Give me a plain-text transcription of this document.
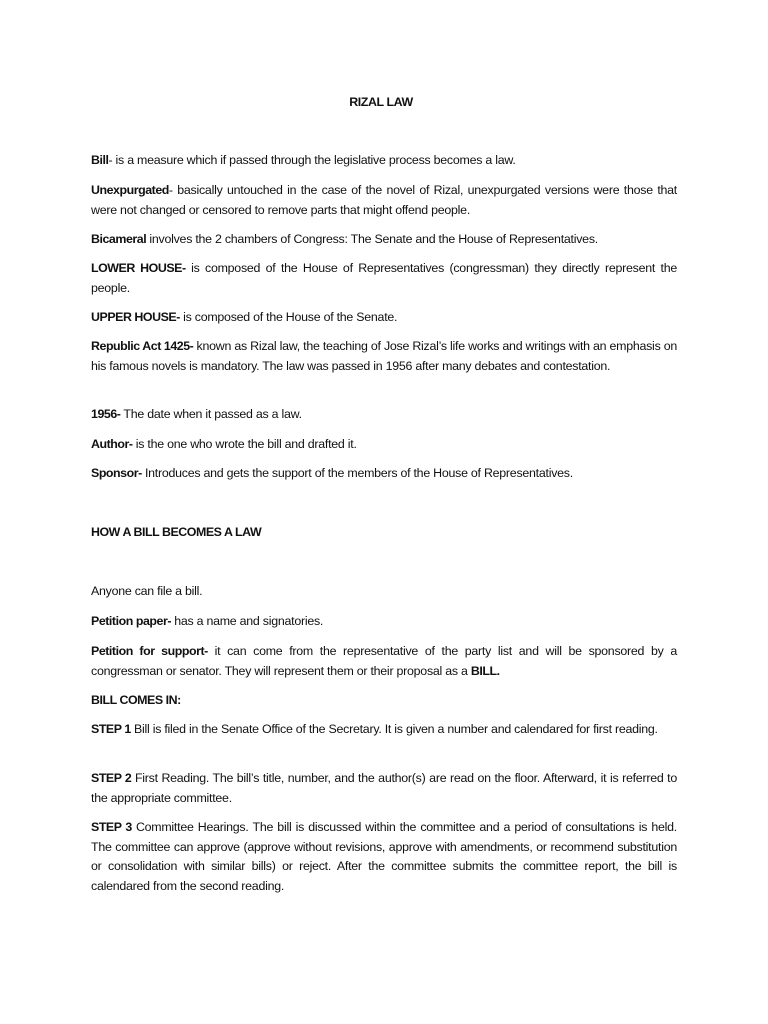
RIZAL LAW

Bill- is a measure which if passed through the legislative process becomes a law.

Unexpurgated- basically untouched in the case of the novel of Rizal, unexpurgated versions were those that were not changed or censored to remove parts that might offend people.

Bicameral involves the 2 chambers of Congress: The Senate and the House of Representatives.

LOWER HOUSE- is composed of the House of Representatives (congressman) they directly represent the people.

UPPER HOUSE- is composed of the House of the Senate.

Republic Act 1425- known as Rizal law, the teaching of Jose Rizal’s life works and writings with an emphasis on his famous novels is mandatory. The law was passed in 1956 after many debates and contestation.

1956- The date when it passed as a law.

Author- is the one who wrote the bill and drafted it.

Sponsor- Introduces and gets the support of the members of the House of Representatives.

HOW A BILL BECOMES A LAW
Anyone can file a bill.

Petition paper- has a name and signatories.

Petition for support- it can come from the representative of the party list and will be sponsored by a congressman or senator. They will represent them or their proposal as a BILL.

BILL COMES IN:

STEP 1 Bill is filed in the Senate Office of the Secretary. It is given a number and calendared for first reading.

STEP 2 First Reading. The bill’s title, number, and the author(s) are read on the floor. Afterward, it is referred to the appropriate committee.

STEP 3 Committee Hearings. The bill is discussed within the committee and a period of consultations is held. The committee can approve (approve without revisions, approve with amendments, or recommend substitution or consolidation with similar bills) or reject. After the committee submits the committee report, the bill is calendared from the second reading.
